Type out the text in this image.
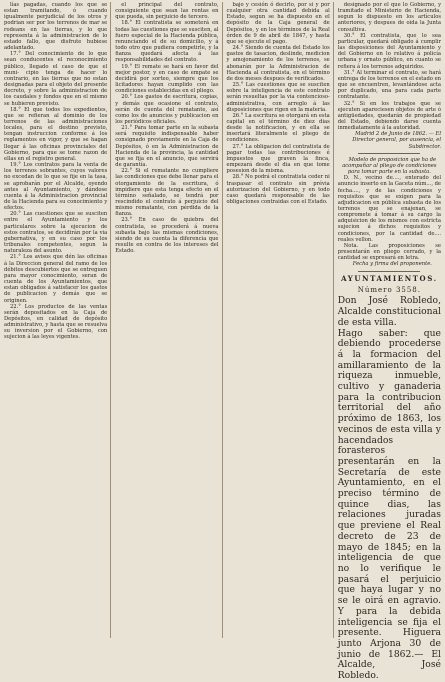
lías pagadas, cuando los que se estan tramitando, ó cuando igualmente perjudicial de los otros y podrian ser por los terrenos de mar se rodeans en las tierras, y lo que representa á la administracion de lo estado fallo, que disfrute hubiese adelantado.

17.° Del conocimiento de lo que sean conducentes el reconocimiento público, llegado el caso de que el muni- cipio tenga de hacer lo contrario, en las tierras que no estan designadas para el objeto del presente decreto, y sobre la administracion de los caudales y fondos que en el mismo se hubieren previsto.

18.° El que todos los expedientes, que se refieran al dominio de los terrenos de las administraciones locales, para el destino previsto, tengan instruccion conforme á los reglamentos en vigor, y que se hagan llegar á las oficinas provinciales del Gobierno, para que se tome razon de ellas en el registro general.

19.° Los contratos para la venta de los terrenos sobrantes, cuyos valores no excedan de lo que se fije en la tasa, se aprobarán por el Alcalde, oyendo antes al Ayuntamiento, y dándose cuenta á la Administracion provincial de la Hacienda para su conocimiento y efectos.

20.° Las cuestiones que se susciten entre el Ayuntamiento y los particulares sobre la ejecucion de estos contratos, se decidirán por la via gubernativa, y en su caso por los tribunales competentes, segun la naturaleza del asunto.

21.° Los avisos que dén las oficinas á la Direccion general del ramo de los débitos descubiertos que se entreguen para mayor conocimiento, seran de cuenta de los Ayuntamientos, que estan obligados á satisfacer los gastos de publicacion y demás que se originen.

22.° Los productos de las ventas serán depositados en la Caja de Depósitos, en calidad de depósito administrativo, y hasta que se resuelva su inversion por el Gobierno, con sujecion á las leyes vigentes.

el principal del contrato, consiguiente que sean las rentas en que pueda, sin perjuicio de tercero.

18.° El contratista se someterá en todas las cuestiones que se susciten, al fuero especial de la Hacienda pública, renunciando el de su domicilio, y á todo otro que pudiera competirle, y la fianza quedará afecta á las responsabilidades del contrato.

19.° El remate se hará en favor del mejor postor, y en caso de empate se decidirá por sorteo, siempre que los licitadores hayan cumplido con las condiciones establecidas en el pliego.

20.° Los gastos de escritura, copias, y demás que ocasione el contrato, serán de cuenta del rematante, así como los de anuncios y publicacion en los periódicos oficiales.

21.° Para tomar parte en la subasta será requisito indispensable haber consignado previamente en la Caja de Depósitos, ó en la Administracion de Hacienda de la provincia, la cantidad que se fija en el anuncio, que servirá de garantía.

22.° Si el rematante no cumpliere las condiciones que debe llenar para el otorgamiento de la escritura, ó impidiere que esta tenga efecto en el término señalado, se tendrá por rescindido el contrato á perjuicio del mismo rematante, con pérdida de la fianza.

23.° En caso de quiebra del contratista, se procederá á nueva subasta bajo las mismas condiciones, siendo de su cuenta la diferencia que resulte en contra de los intereses del Estado.

bajo y cesión ó decirlo, por si y por cualquier otra cantidad debida al Estado, segun se ha dispuesto en el depósito de la Caja general de Depósitos, y en los términos de la Real órden de 9 de abril de 1847, y hasta que se ejecute el pago.

24.° Siendo de cuenta del Estado los gastos de tasacion, deslinde, medicion y amojonamiento de los terrenos, se abonarán por la Administracion de Hacienda al contratista, en el término de dos meses despues de verificados.

25.° Las cuestiones que se susciten sobre la inteligencia de este contrato serán resueltas por la via contencioso-administrativa, con arreglo á las disposiciones que rigen en la materia.

26.° La escritura se otorgará en esta capital en el término de diez dias desde la notificacion, y en ella se insertará literalmente el pliego de condiciones.

27.° La obligacion del contratista de pagar todas las contribuciones é impuestos que graven la finca, empezará desde el dia en que tome posesion de la misma.

28.° No podrá el contratista ceder ni traspasar el contrato sin prévia autorizacion del Gobierno, y en todo caso quedará responsable de las obligaciones contraidas con el Estado.

designado por el que lo Gobierno, y tramitado el Ministerio de Hacienda, segun lo dispuesto en los artículos anteriores, y despues de oida la Junta consultiva.

30.° El contratista, que lo sea particular, quedará obligado á cumplir las disposiciones del Ayuntamiento y del Gobierno en lo relativo á policía urbana y ornato público, en cuanto se refiera á los terrenos adquiridos.

31.° Al terminar el contrato, se hará entrega de los terrenos en el estado en que se encuentren, levantándose acta por duplicado, una para cada parte contratante.

32.° Si en los trabajos que se ejecuten apareciesen objetos de arte ó antigüedades, quedarán de propiedad del Estado, debiendo darse cuenta inmediatamente á la autoridad.

Madrid 2 de Junio de 1862. — El Director general, por ausencia, el Subdirector.

Modelo de proposicion que ha de acompañar al pliego de condiciones para tomar parte en la subasta.

D. N., vecino de...., enterado del anuncio inserto en la Gaceta núm..., de fecha...., y de las condiciones y requisitos que se exigen para la adjudicacion en pública subasta de los terrenos que se enajenan, se compromete á tomar á su cargo la adquisicion de los mismos con estricta sujecion á dichos requisitos y condiciones, por la cantidad de.... reales vellon.

Nota. Las proposiciones se presentarán en pliego cerrado, y la cantidad se expresará en letra.

Fecha y firma del proponente.

AYUNTAMIENTOS.
Número 3558.

Don José Robledo, Alcalde constitucional de esta villa.

Hago saber: que debiendo procederse á la formacion del amillaramiento de la riqueza inmueble, cultivo y ganaderia para la contribucion territorial del año próximo de 1863, los vecinos de esta villa y hacendados forasteros presentarán en la Secretaría de este Ayuntamiento, en el preciso término de quince dias, las relaciones juradas que previene el Real decreto de 23 de mayo de 1845; en la inteligencia de que no lo verifique le pasará el perjuicio que haya lugar y no se le oirá en agravio. Y para la debida inteligencia se fija el presente. Higuera junto Arjona 30 de junio de 1862.— El Alcalde, José Robledo.
